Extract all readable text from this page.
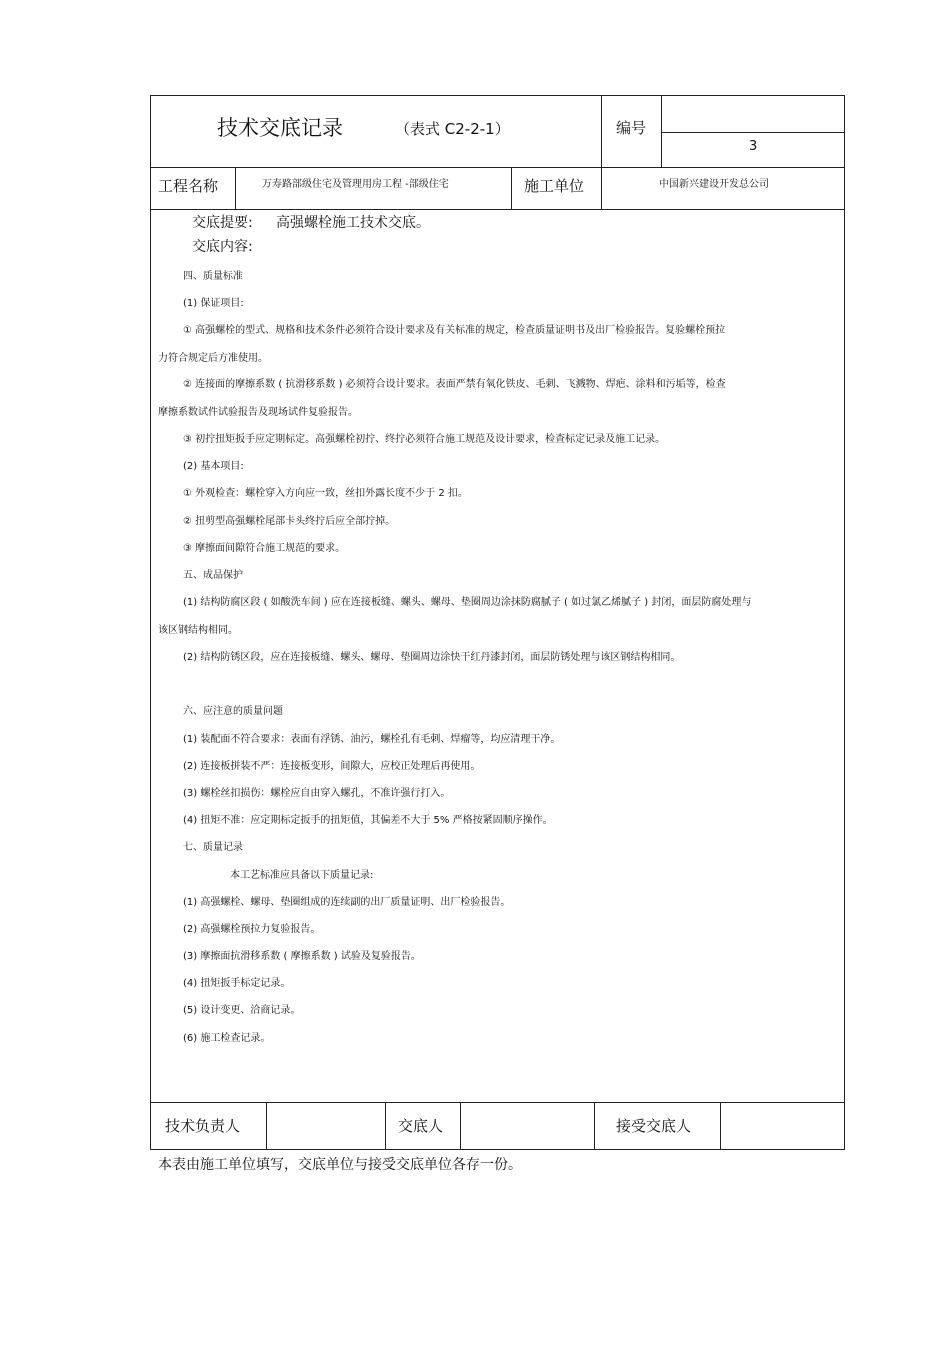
技术交底记录	（表式 C2-2-1）	编号
3
工程名称	万寿路部级住宅及管理用房工程 -部级住宅	施工单位	中国新兴建设开发总公司
交底提要: 高强螺栓施工技术交底。
交底内容:
四、质量标准
(1) 保证项目:
① 高强螺栓的型式、规格和技术条件必须符合设计要求及有关标准的规定，检查质量证明书及出厂检验报告。复验螺栓预拉
力符合规定后方准使用。
② 连接面的摩擦系数 ( 抗滑移系数 ) 必须符合设计要求。表面严禁有氧化铁皮、毛刺、飞溅物、焊疤、涂料和污垢等，检查
摩擦系数试件试验报告及现场试件复验报告。
③ 初拧扭矩扳手应定期标定。高强螺栓初拧、终拧必须符合施工规范及设计要求，检查标定记录及施工记录。
(2) 基本项目:
① 外观检查：螺栓穿入方向应一致，丝扣外露长度不少于 2 扣。
② 扭剪型高强螺栓尾部卡头终拧后应全部拧掉。
③ 摩擦面间隙符合施工规范的要求。
五、成品保护
(1) 结构防腐区段 ( 如酸洗车间 ) 应在连接板缝、螺头、螺母、垫圈周边涂抹防腐腻子 ( 如过氯乙烯腻子 ) 封闭，面层防腐处理与
该区钢结构相同。
(2) 结构防锈区段，应在连接板缝、螺头、螺母、垫圈周边涂快干红丹漆封闭，面层防锈处理与该区钢结构相同。
六、应注意的质量问题
(1) 装配面不符合要求：表面有浮锈、油污，螺栓孔有毛刺、焊瘤等，均应清理干净。
(2) 连接板拼装不严：连接板变形，间隙大，应校正处理后再使用。
(3) 螺栓丝扣损伤：螺栓应自由穿入螺孔，不准许强行打入。
(4) 扭矩不准：应定期标定扳手的扭矩值，其偏差不大于 5% 严格按紧固顺序操作。
七、质量记录
本工艺标准应具备以下质量记录:
(1) 高强螺栓、螺母、垫圈组成的连续副的出厂质量证明、出厂检验报告。
(2) 高强螺栓预拉力复验报告。
(3) 摩擦面抗滑移系数 ( 摩擦系数 ) 试验及复验报告。
(4) 扭矩扳手标定记录。
(5) 设计变更、洽商记录。
(6) 施工检查记录。
技术负责人	交底人	接受交底人
本表由施工单位填写，交底单位与接受交底单位各存一份。
